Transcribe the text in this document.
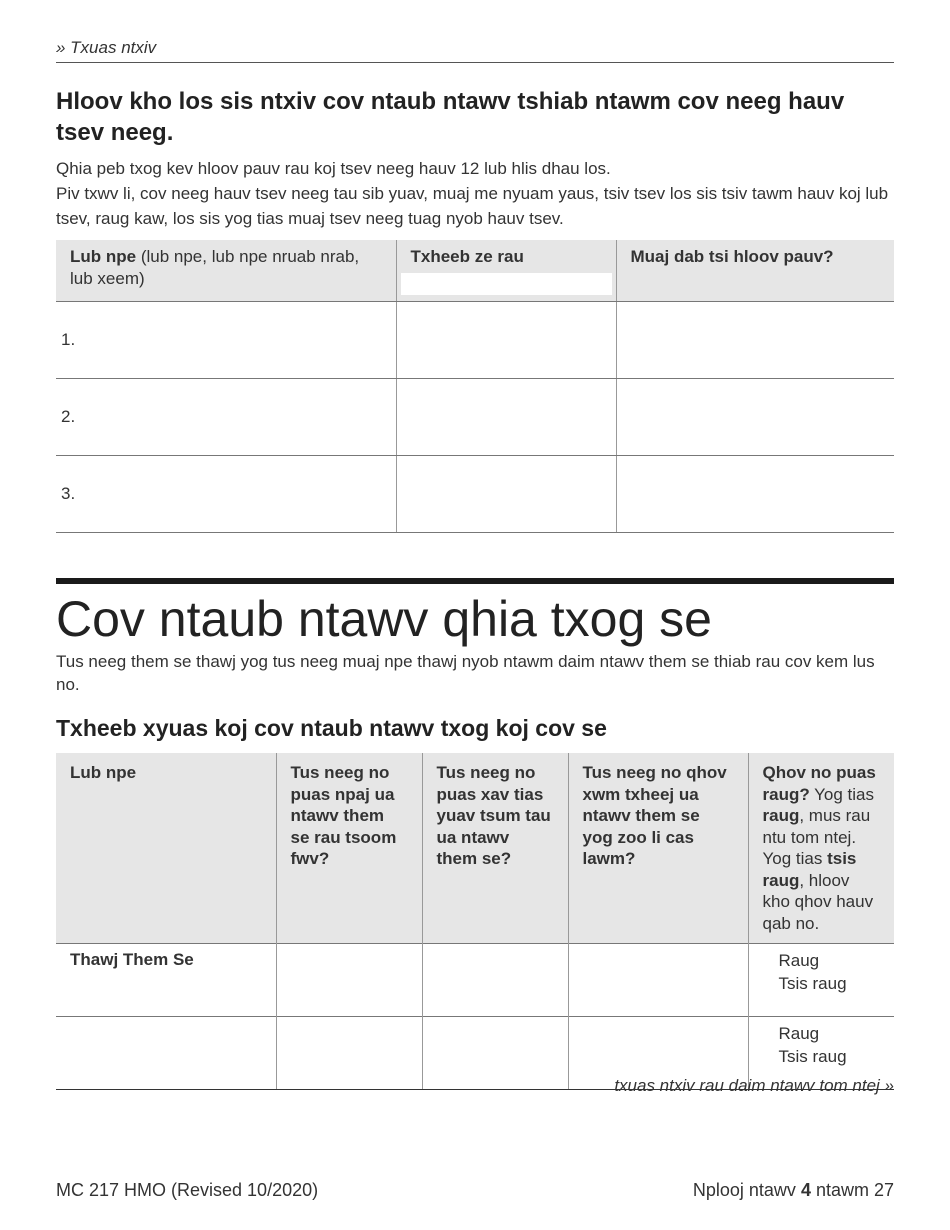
» Txuas ntxiv
Hloov kho los sis ntxiv cov ntaub ntawv tshiab ntawm cov neeg hauv tsev neeg.

Qhia peb txog kev hloov pauv rau koj tsev neeg hauv 12 lub hlis dhau los.

Piv txwv li, cov neeg hauv tsev neeg tau sib yuav, muaj me nyuam yaus, tsiv tsev los sis tsiv tawm hauv koj lub tsev, raug kaw, los sis yog tias muaj tsev neeg tuag nyob hauv tsev.

Lub npe (lub npe, lub npe nruab nrab, lub xeem)	Txheeb ze rau	Muaj dab tsi hloov pauv?
1.		
2.		
3.		
Cov ntaub ntawv qhia txog se
Tus neeg them se thawj yog tus neeg muaj npe thawj nyob ntawm daim ntawv them se thiab rau cov kem lus no.
Txheeb xyuas koj cov ntaub ntawv txog koj cov se
Lub npe	Tus neeg no puas npaj ua ntawv them se rau tsoom fwv?	Tus neeg no puas xav tias yuav tsum tau ua ntawv them se?	Tus neeg no qhov xwm txheej ua ntawv them se yog zoo li cas lawm?	Qhov no puas raug? Yog tias raug, mus rau ntu tom ntej. Yog tias tsis raug, hloov kho qhov hauv qab no.
Thawj Them Se				Raug
Tsis raug

				Raug
Tsis raug
txuas ntxiv rau daim ntawv tom ntej »
MC 217 HMO (Revised 10/2020)	Nplooj ntawv 4 ntawm 27
